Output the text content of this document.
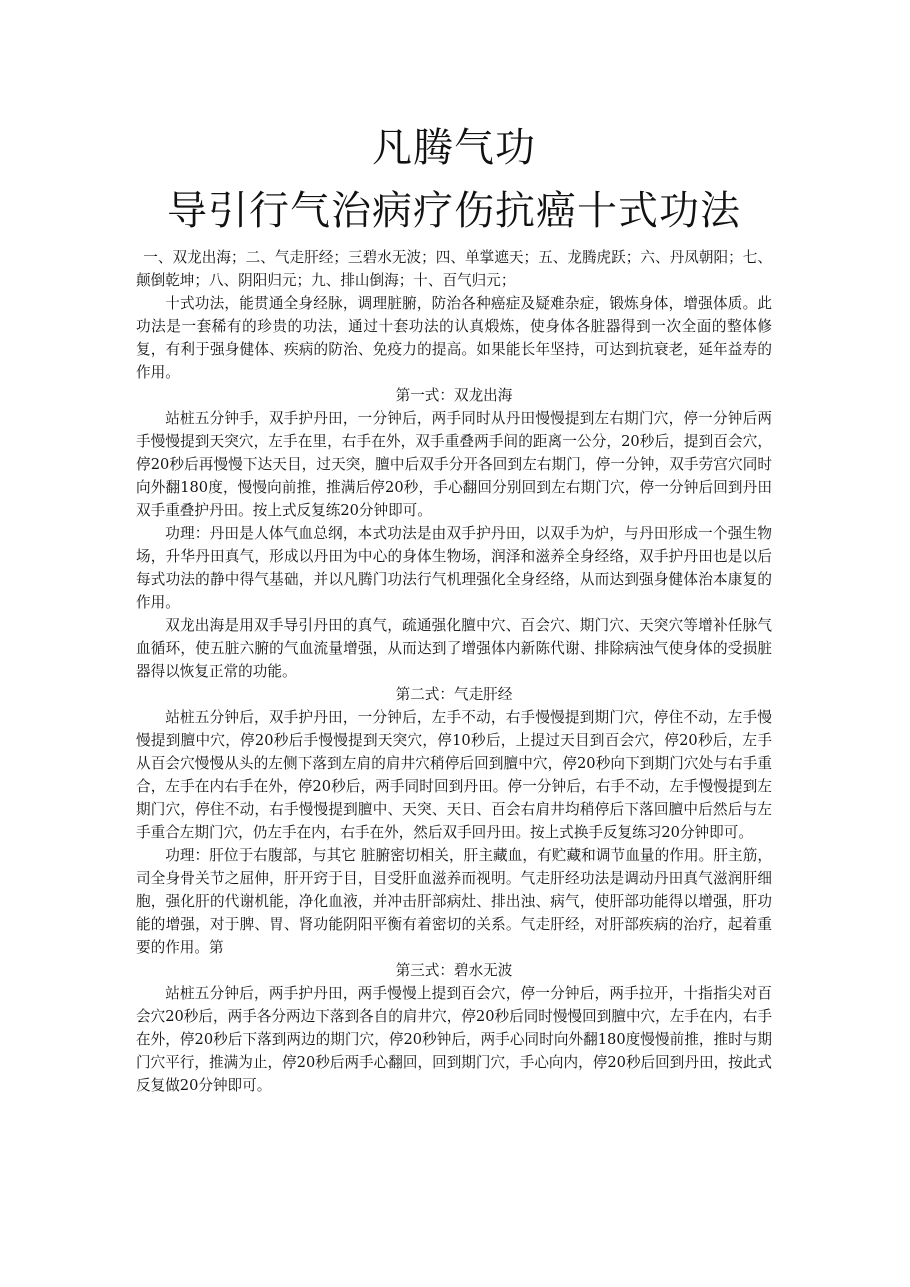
凡腾气功
导引行气治病疗伤抗癌十式功法

一、双龙出海；二、气走肝经；三碧水无波；四、单掌遮天；五、龙腾虎跃；六、丹凤朝阳；七、颠倒乾坤；八、阴阳归元；九、排山倒海；十、百气归元；

十式功法，能贯通全身经脉，调理脏腑，防治各种癌症及疑难杂症，锻炼身体，增强体质。此功法是一套稀有的珍贵的功法，通过十套功法的认真煅炼，使身体各脏器得到一次全面的整体修复，有利于强身健体、疾病的防治、免疫力的提高。如果能长年坚持，可达到抗衰老，延年益寿的作用。

第一式：双龙出海

站桩五分钟手，双手护丹田，一分钟后，两手同时从丹田慢慢提到左右期门穴，停一分钟后两手慢慢提到天突穴，左手在里，右手在外，双手重叠两手间的距离一公分，20秒后，提到百会穴，停20秒后再慢慢下达天目，过天突，膻中后双手分开各回到左右期门，停一分钟，双手劳宫穴同时向外翻180度，慢慢向前推，推满后停20秒，手心翻回分别回到左右期门穴，停一分钟后回到丹田双手重叠护丹田。按上式反复练20分钟即可。

功理：丹田是人体气血总纲，本式功法是由双手护丹田，以双手为炉，与丹田形成一个强生物场，升华丹田真气，形成以丹田为中心的身体生物场，润泽和滋养全身经络，双手护丹田也是以后每式功法的静中得气基础，并以凡腾门功法行气机理强化全身经络，从而达到强身健体治本康复的作用。

双龙出海是用双手导引丹田的真气，疏通强化膻中穴、百会穴、期门穴、天突穴等增补任脉气血循环，使五脏六腑的气血流量增强，从而达到了增强体内新陈代谢、排除病浊气使身体的受损脏器得以恢复正常的功能。

第二式：气走肝经

站桩五分钟后，双手护丹田，一分钟后，左手不动，右手慢慢提到期门穴，停住不动，左手慢慢提到膻中穴，停20秒后手慢慢提到天突穴，停10秒后，上提过天目到百会穴，停20秒后，左手从百会穴慢慢从头的左侧下落到左肩的肩井穴稍停后回到膻中穴，停20秒向下到期门穴处与右手重合，左手在内右手在外，停20秒后，两手同时回到丹田。停一分钟后，右手不动，左手慢慢提到左期门穴，停住不动，右手慢慢提到膻中、天突、天日、百会右肩井均稍停后下落回膻中后然后与左手重合左期门穴，仍左手在内，右手在外，然后双手回丹田。按上式换手反复练习20分钟即可。

功理：肝位于右腹部，与其它 脏腑密切相关，肝主藏血，有贮藏和调节血量的作用。肝主筋，司全身骨关节之屈伸，肝开窍于目，目受肝血滋养而视明。气走肝经功法是调动丹田真气滋润肝细胞，强化肝的代谢机能，净化血液，并冲击肝部病灶、排出浊、病气，使肝部功能得以增强，肝功能的增强，对于脾、胃、肾功能阴阳平衡有着密切的关系。气走肝经，对肝部疾病的治疗，起着重要的作用。第

第三式：碧水无波

站桩五分钟后，两手护丹田，两手慢慢上提到百会穴，停一分钟后，两手拉开，十指指尖对百会穴20秒后，两手各分两边下落到各自的肩井穴，停20秒后同时慢慢回到膻中穴，左手在内，右手在外，停20秒后下落到两边的期门穴，停20秒钟后，两手心同时向外翻180度慢慢前推，推时与期门穴平行，推满为止，停20秒后两手心翻回，回到期门穴，手心向内，停20秒后回到丹田，按此式反复做20分钟即可。
